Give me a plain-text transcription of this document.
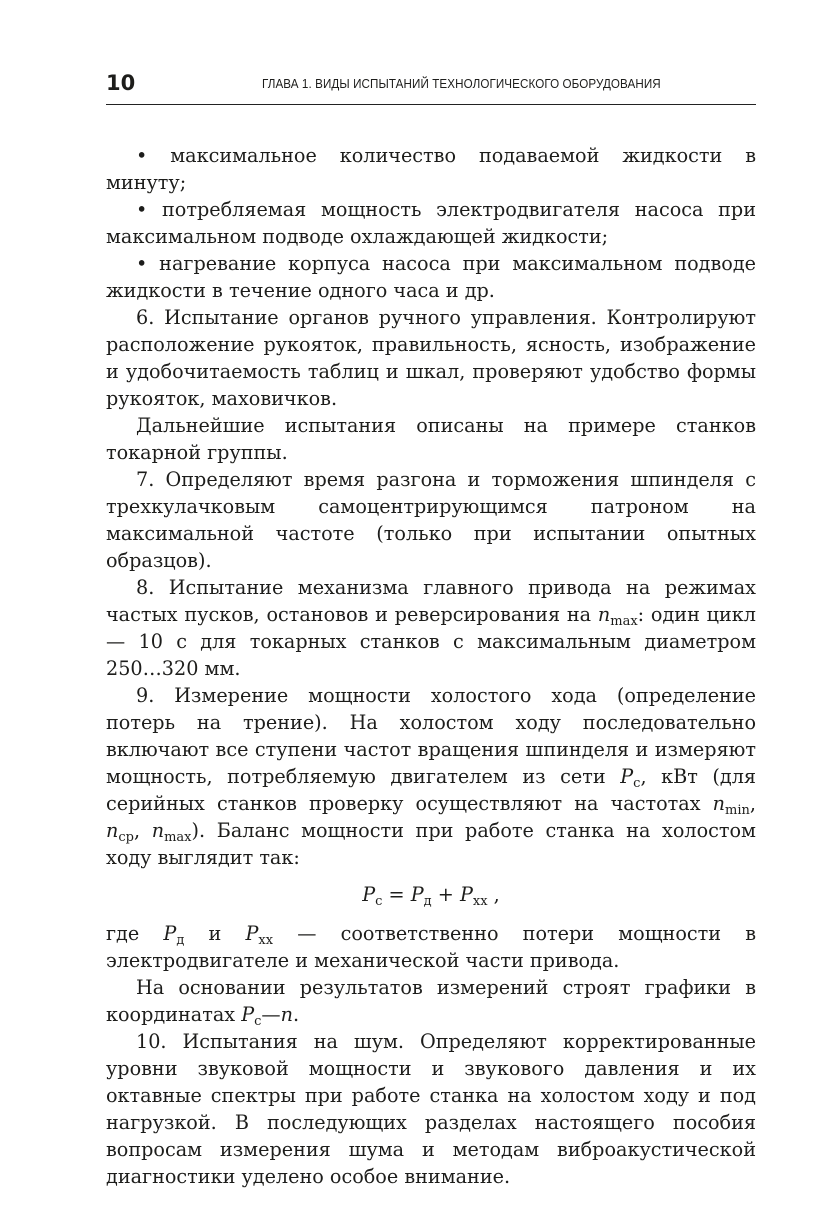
10	ГЛАВА 1. ВИДЫ ИСПЫТАНИЙ ТЕХНОЛОГИЧЕСКОГО ОБОРУДОВАНИЯ

• максимальное количество подаваемой жидкости в минуту;

• потребляемая мощность электродвигателя насоса при максимальном подводе охлаждающей жидкости;

• нагревание корпуса насоса при максимальном подводе жидкости в течение одного часа и др.

6. Испытание органов ручного управления. Контролируют расположение рукояток, правильность, ясность, изображение и удобочитаемость таблиц и шкал, проверяют удобство формы рукояток, маховичков.

Дальнейшие испытания описаны на примере станков токарной группы.

7. Определяют время разгона и торможения шпинделя с трехкулачковым самоцентрирующимся патроном на максимальной частоте (только при испытании опытных образцов).

8. Испытание механизма главного привода на режимах частых пусков, остановов и реверсирования на $n_{max}$: один цикл — 10 с для токарных станков с максимальным диаметром 250…320 мм.

9. Измерение мощности холостого хода (определение потерь на трение). На холостом ходу последовательно включают все ступени частот вращения шпинделя и измеряют мощность, потребляемую двигателем из сети $P_c$, кВт (для серийных станков проверку осуществляют на частотах $n_{min}$, $n_{ср}$, $n_{max}$). Баланс мощности при работе станка на холостом ходу выглядит так:

$P_с = P_д + P_{хх}$ ,

где $P_д$ и $P_{хх}$ — соответственно потери мощности в электродвигателе и механической части привода.

На основании результатов измерений строят графики в координатах $P_c—n$.

10. Испытания на шум. Определяют корректированные уровни звуковой мощности и звукового давления и их октавные спектры при работе станка на холостом ходу и под нагрузкой. В последующих разделах настоящего пособия вопросам измерения шума и методам виброакустической диагностики уделено особое внимание.
